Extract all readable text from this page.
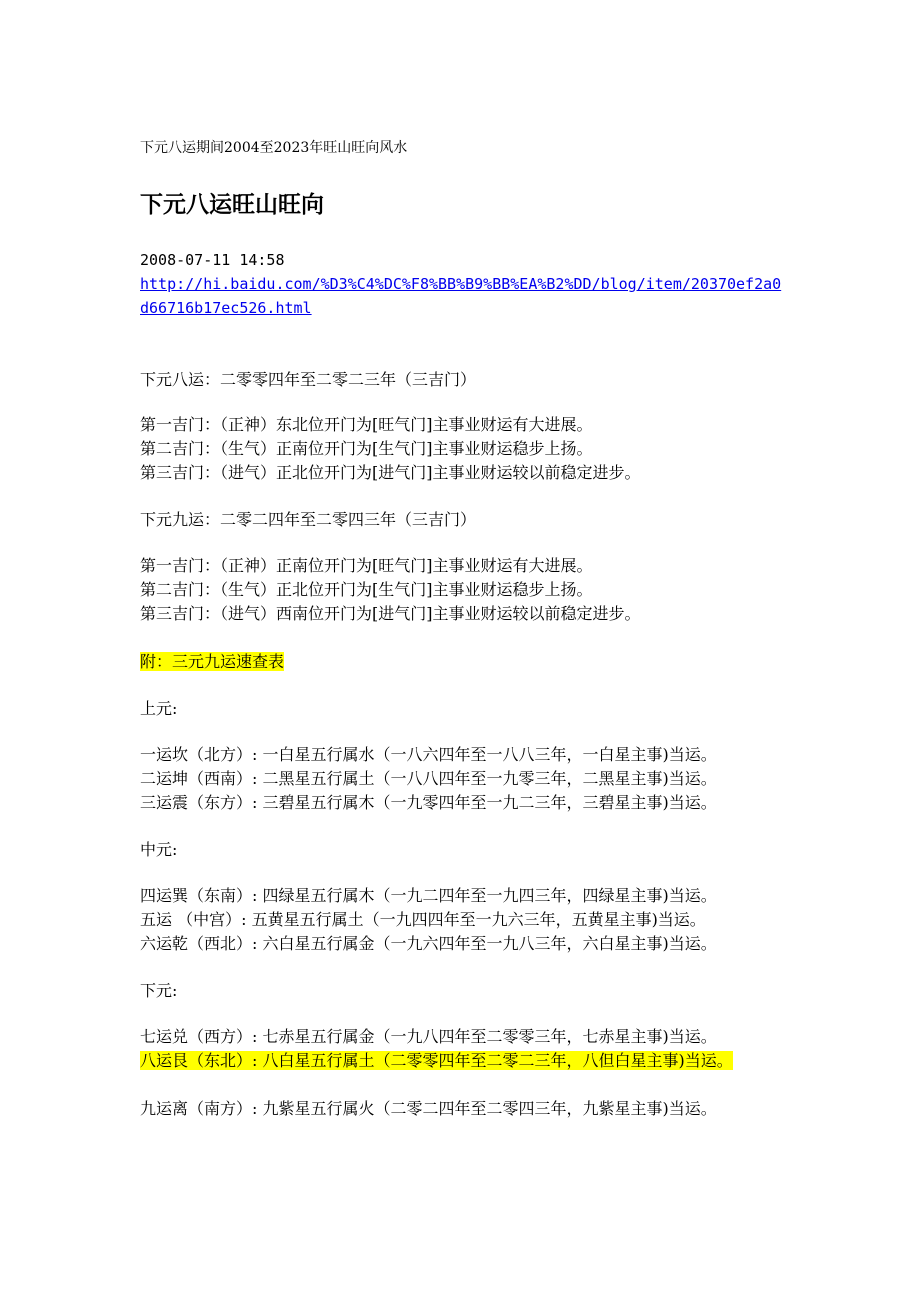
下元八运期间2004至2023年旺山旺向风水
下元八运旺山旺向
2008-07-11 14:58
http://hi.baidu.com/%D3%C4%DC%F8%BB%B9%BB%EA%B2%DD/blog/item/20370ef2a0d66716b17ec526.html
下元八运：二零零四年至二零二三年（三吉门）
第一吉门：（正神）东北位开门为[旺气门]主事业财运有大进展。
第二吉门：（生气）正南位开门为[生气门]主事业财运稳步上扬。
第三吉门：（进气）正北位开门为[进气门]主事业财运较以前稳定进步。
下元九运：二零二四年至二零四三年（三吉门）
第一吉门：（正神）正南位开门为[旺气门]主事业财运有大进展。
第二吉门：（生气）正北位开门为[生气门]主事业财运稳步上扬。
第三吉门：（进气）西南位开门为[进气门]主事业财运较以前稳定进步。
附：三元九运速查表
上元:
一运坎（北方）: 一白星五行属水（一八六四年至一八八三年，一白星主事)当运。
二运坤（西南）: 二黑星五行属土（一八八四年至一九零三年，二黑星主事)当运。
三运震（东方）: 三碧星五行属木（一九零四年至一九二三年，三碧星主事)当运。
中元:
四运巽（东南）: 四绿星五行属木（一九二四年至一九四三年，四绿星主事)当运。
五运 （中宫）: 五黄星五行属土（一九四四年至一九六三年，五黄星主事)当运。
六运乾（西北）: 六白星五行属金（一九六四年至一九八三年，六白星主事)当运。
下元:
七运兑（西方）: 七赤星五行属金（一九八四年至二零零三年，七赤星主事)当运。
八运艮（东北）: 八白星五行属土（二零零四年至二零二三年，八但白星主事)当运。
九运离（南方）: 九紫星五行属火（二零二四年至二零四三年，九紫星主事)当运。
